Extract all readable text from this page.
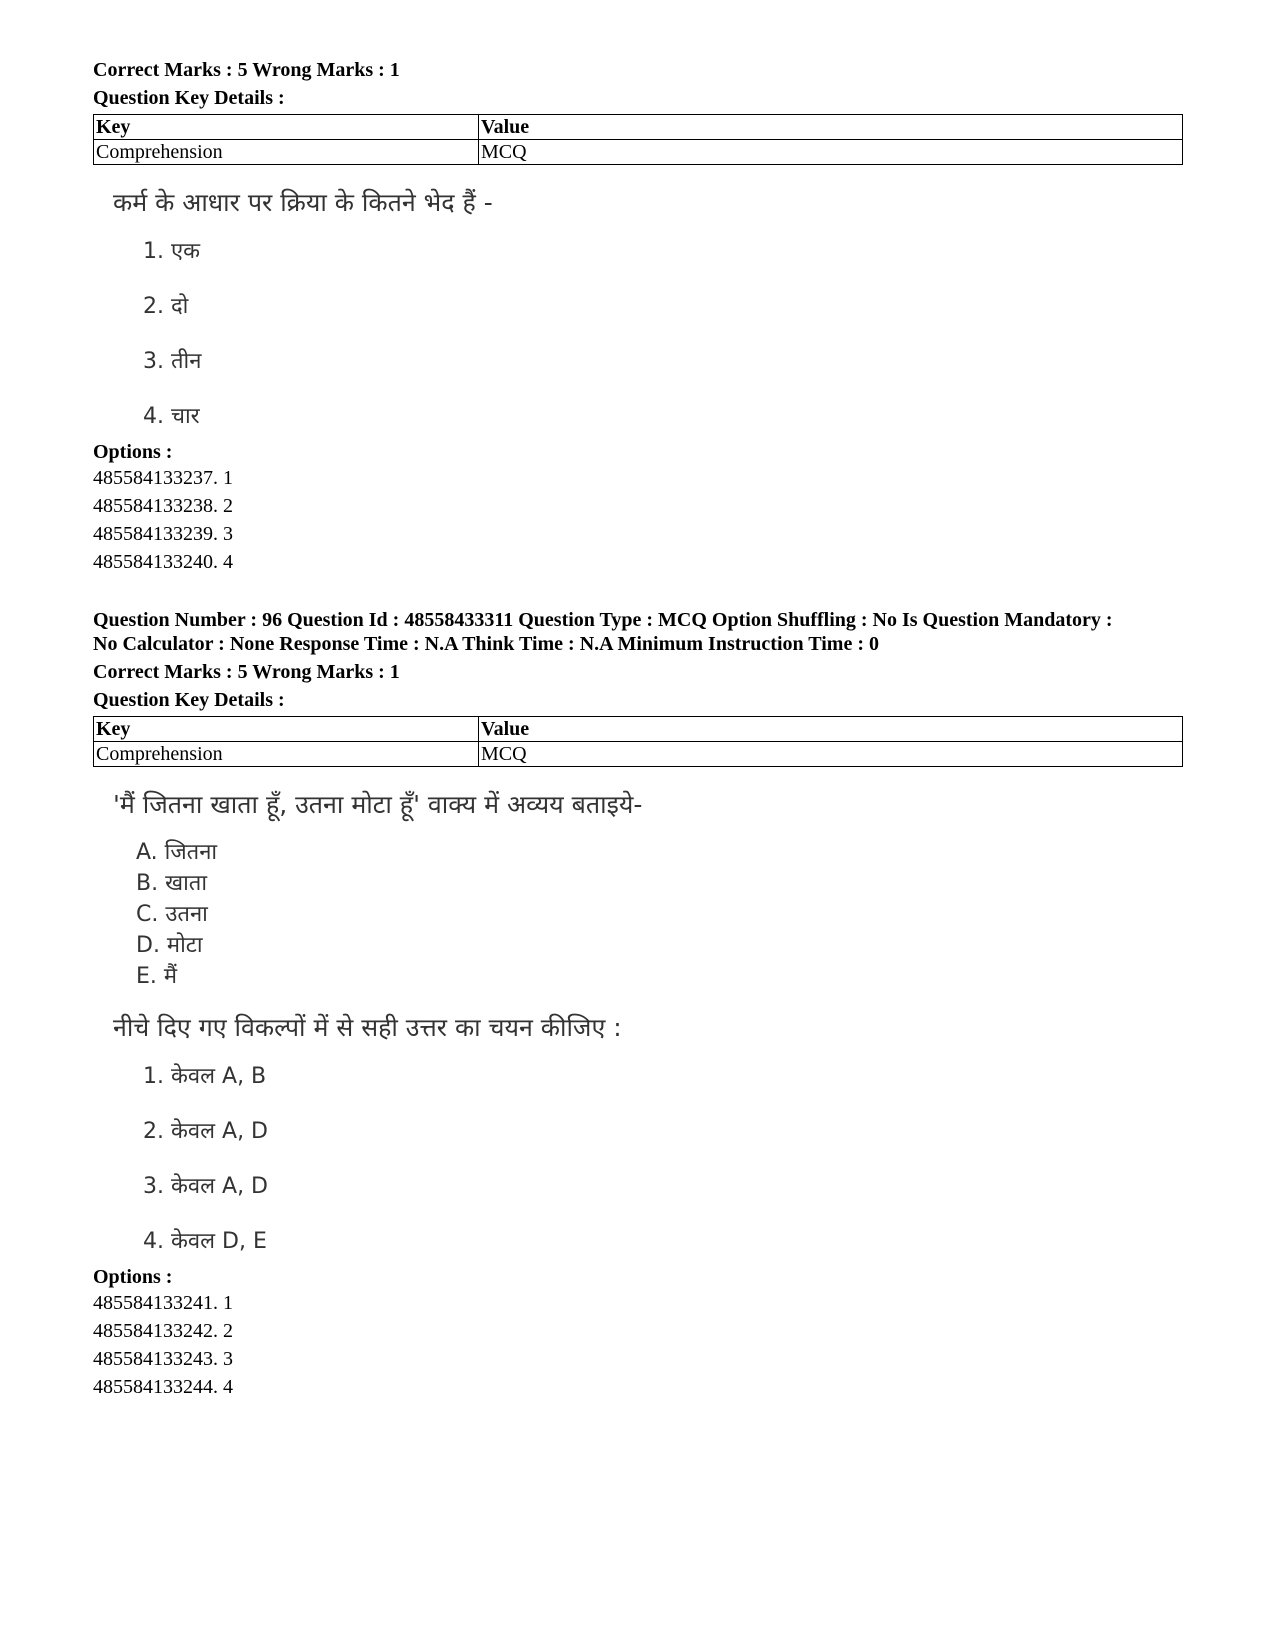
Correct Marks : 5 Wrong Marks : 1
Question Key Details :
Key	Value
Comprehension	MCQ
कर्म के आधार पर क्रिया के कितने भेद हैं -
1. एक
2. दो
3. तीन
4. चार
Options :
485584133237. 1
485584133238. 2
485584133239. 3
485584133240. 4
Question Number : 96 Question Id : 48558433311 Question Type : MCQ Option Shuffling : No Is Question Mandatory :
No Calculator : None Response Time : N.A Think Time : N.A Minimum Instruction Time : 0
Correct Marks : 5 Wrong Marks : 1
Question Key Details :
Key	Value
Comprehension	MCQ
'मैं जितना खाता हूँ, उतना मोटा हूँ' वाक्य में अव्यय बताइये-
A. जितना
B. खाता
C. उतना
D. मोटा
E. मैं
नीचे दिए गए विकल्पों में से सही उत्तर का चयन कीजिए :
1. केवल A, B
2. केवल A, D
3. केवल A, D
4. केवल D, E
Options :
485584133241. 1
485584133242. 2
485584133243. 3
485584133244. 4
